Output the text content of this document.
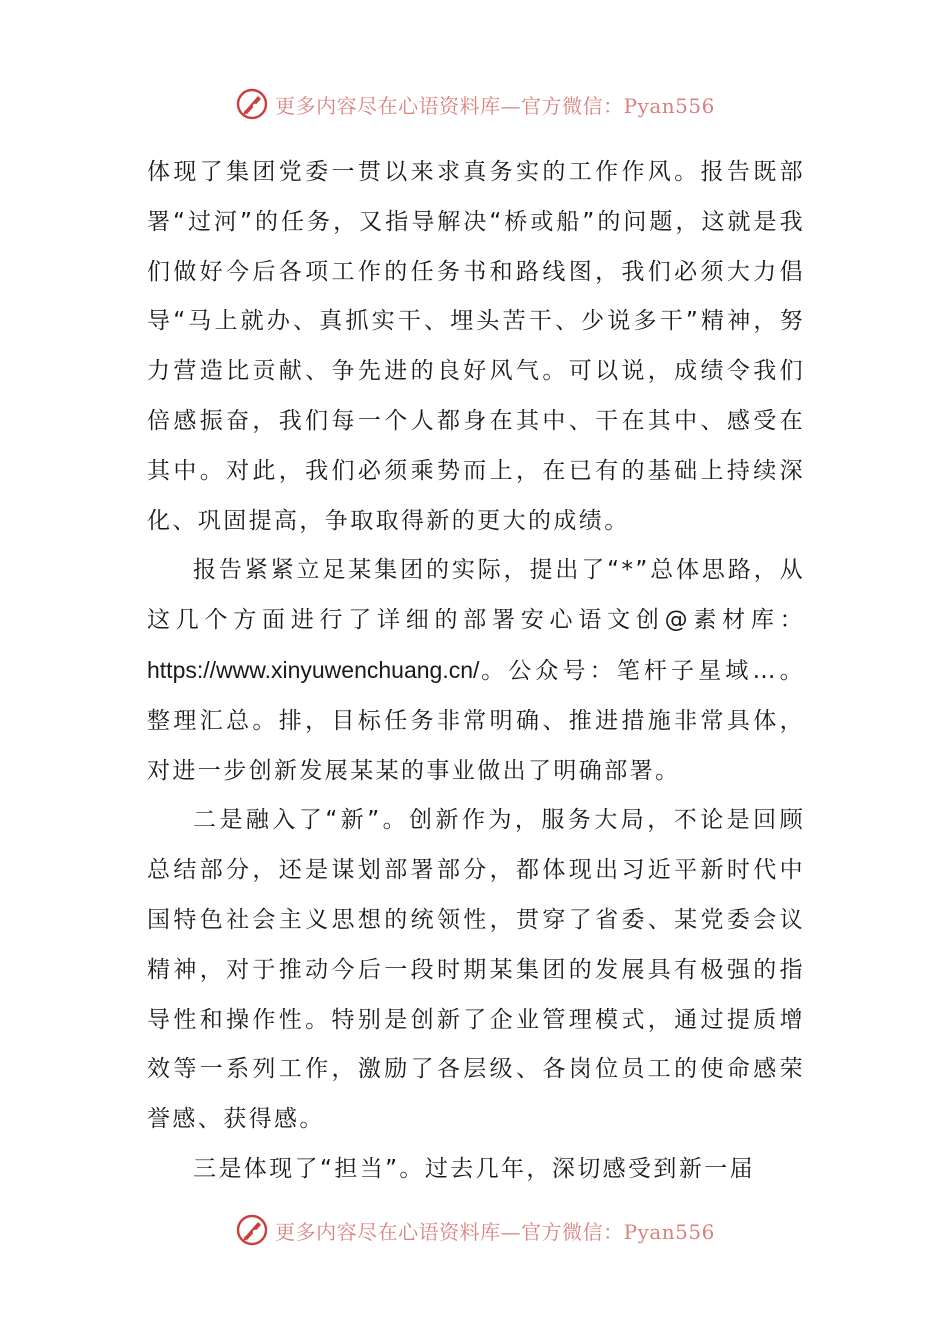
更多内容尽在心语资料库—官方微信：Pyan556

体现了集团党委一贯以来求真务实的工作作风。报告既部署“过河”的任务，又指导解决“桥或船”的问题，这就是我们做好今后各项工作的任务书和路线图，我们必须大力倡导“马上就办、真抓实干、埋头苦干、少说多干”精神，努力营造比贡献、争先进的良好风气。可以说，成绩令我们倍感振奋，我们每一个人都身在其中、干在其中、感受在其中。对此，我们必须乘势而上，在已有的基础上持续深化、巩固提高，争取取得新的更大的成绩。

报告紧紧立足某集团的实际，提出了“*”总体思路，从这几个方面进行了详细的部署安心语文创@素材库：https://www.xinyuwenchuang.cn/。公众号：笔杆子星域…。整理汇总。排，目标任务非常明确、推进措施非常具体，对进一步创新发展某某的事业做出了明确部署。

二是融入了“新”。创新作为，服务大局，不论是回顾总结部分，还是谋划部署部分，都体现出习近平新时代中国特色社会主义思想的统领性，贯穿了省委、某党委会议精神，对于推动今后一段时期某集团的发展具有极强的指导性和操作性。特别是创新了企业管理模式，通过提质增效等一系列工作，激励了各层级、各岗位员工的使命感荣誉感、获得感。

三是体现了“担当”。过去几年，深切感受到新一届

更多内容尽在心语资料库—官方微信：Pyan556
